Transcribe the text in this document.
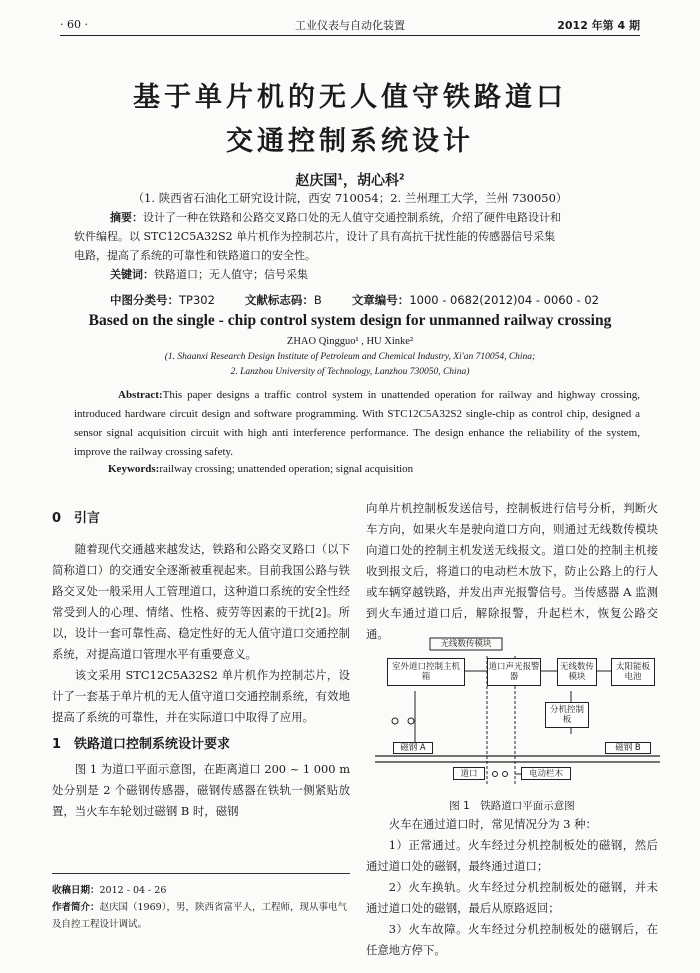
· 60 ·	工业仪表与自动化装置	2012 年第 4 期
基于单片机的无人值守铁路道口
交通控制系统设计
赵庆国$^1$，胡心科$^2$
（1. 陕西省石油化工研究设计院，西安 710054；2. 兰州理工大学，兰州 730050）
摘要：设计了一种在铁路和公路交叉路口处的无人值守交通控制系统，介绍了硬件电路设计和
软件编程。以 STC12C5A32S2 单片机作为控制芯片，设计了具有高抗干扰性能的传感器信号采集
电路，提高了系统的可靠性和铁路道口的安全性。
关键词：铁路道口；无人值守；信号采集
中图分类号：TP302	文献标志码：B	文章编号：1000 - 0682(2012)04 - 0060 - 02
Based on the single - chip control system design for unmanned railway crossing
ZHAO Qingguo¹ , HU Xinke²
(1. Shaanxi Research Design Institute of Petroleum and Chemical Industry, Xi'an 710054, China;
2. Lanzhou University of Technology, Lanzhou 730050, China)
Abstract:This paper designs a traffic control system in unattended operation for railway and highway crossing, introduced hardware circuit design and software programming. With STC12C5A32S2 single-chip as control chip, designed a sensor signal acquisition circuit with high anti interference performance. The design enhance the reliability of the system, improve the railway crossing safety.
Keywords:railway crossing; unattended operation; signal acquisition
0　引言
随着现代交通越来越发达，铁路和公路交叉路口（以下简称道口）的交通安全逐渐被重视起来。目前我国公路与铁路交叉处一般采用人工管理道口，这种道口系统的安全性经常受到人的心理、情绪、性格、疲劳等因素的干扰[2]。所以，设计一套可靠性高、稳定性好的无人值守道口交通控制系统，对提高道口管理水平有重要意义。
该文采用 STC12C5A32S2 单片机作为控制芯片，设计了一套基于单片机的无人值守道口交通控制系统，有效地提高了系统的可靠性，并在实际道口中取得了应用。
1　铁路道口控制系统设计要求
图 1 为道口平面示意图，在距离道口 200 ~ 1 000 m处分别是 2 个磁钢传感器，磁钢传感器在铁轨一侧紧贴放置，当火车车轮划过磁钢 B 时，磁钢
收稿日期：2012 - 04 - 26
作者简介：赵庆国（1969），男，陕西省富平人，工程师，现从事电气及自控工程设计调试。
向单片机控制板发送信号，控制板进行信号分析，判断火车方向，如果火车是驶向道口方向，则通过无线数传模块向道口处的控制主机发送无线报文。道口处的控制主机接收到报文后，将道口的电动栏木放下，防止公路上的行人或车辆穿越铁路，并发出声光报警信号。当传感器 A 监测到火车通过道口后，解除报警，升起栏木，恢复公路交通。
无线数传模块
室外道口控制主机箱
道口声光报警器
无线数传模块
太阳能板电池
分机控制板
磁钢 A	磁钢 B
道口	电动栏木
图 1　铁路道口平面示意图
火车在通过道口时，常见情况分为 3 种：
1）正常通过。火车经过分机控制板处的磁钢，然后通过道口处的磁钢，最终通过道口；
2）火车换轨。火车经过分机控制板处的磁钢，并未通过道口处的磁钢，最后从原路返回；
3）火车故障。火车经过分机控制板处的磁钢后，在任意地方停下。
